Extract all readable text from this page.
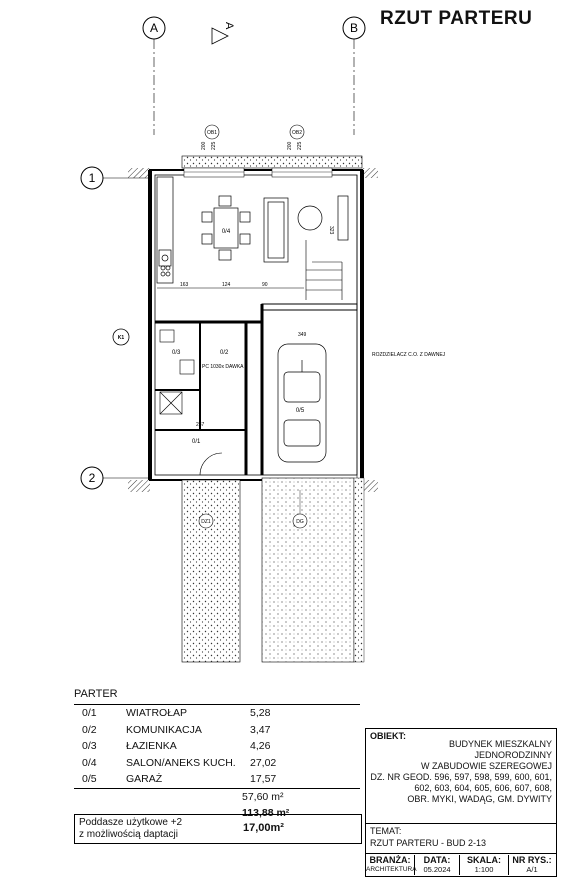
RZUT PARTERU
A	B
1
2
A
OB1
200 225
OB2
200 225
0/4	323
163	124	90
349
0/3	0/2
0/1
287
PC 1030x DAWKA
K1
0/5
ROZDZIELACZ C.O. Z DAWNEJ
DZ1	DG
PARTER
0/1	WIATROŁAP	5,28
0/2	KOMUNIKACJA	3,47
0/3	ŁAZIENKA	4,26
0/4	SALON/ANEKS KUCH.	27,02
0/5	GARAŻ	17,57
57,60 m²
113,88 m²
Poddasze użytkowe +2
z możliwością daptacji
17,00m²
OBIEKT:
BUDYNEK MIESZKALNY JEDNORODZINNY
W ZABUDOWIE SZEREGOWEJ
DZ. NR GEOD. 596, 597, 598, 599, 600, 601,
602, 603, 604, 605, 606, 607, 608,
OBR. MYKI, WADĄG, GM. DYWITY
TEMAT:
RZUT PARTERU - BUD 2-13
BRANŻA:
ARCHITEKTURA
DATA:
05.2024
SKALA:
1:100
NR RYS.:
A/1
